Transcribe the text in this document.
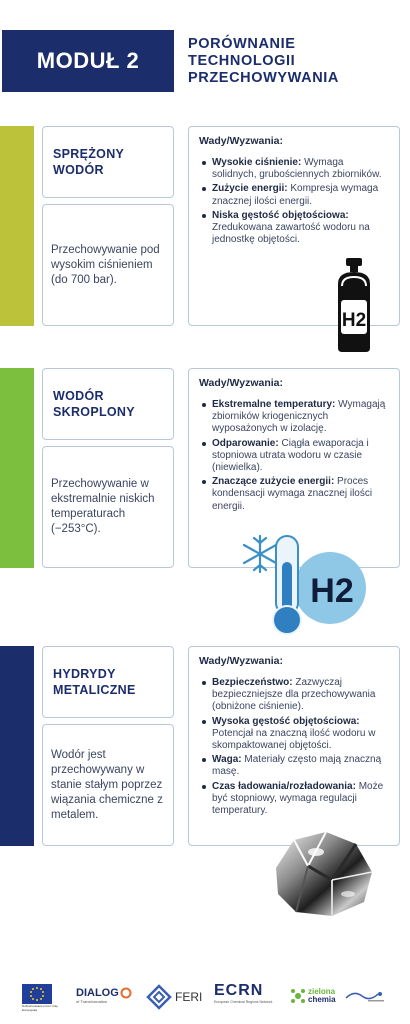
MODUŁ 2
PORÓWNANIE
TECHNOLOGII
PRZECHOWYWANIA
SPRĘŻONY
WODÓR
Przechowywanie pod wysokim ciśnieniem (do 700 bar).
Wady/Wyzwania:
Wysokie ciśnienie: Wymaga solidnych, grubościennych zbiorników.
Zużycie energii: Kompresja wymaga znacznej ilości energii.
Niska gęstość objętościowa: Zredukowana zawartość wodoru na jednostkę objętości.
H2
WODÓR
SKROPLONY
Przechowywanie w ekstremalnie niskich temperaturach (−253°C).
Wady/Wyzwania:
Ekstremalne temperatury: Wymagają zbiorników kriogenicznych wyposażonych w izolację.
Odparowanie: Ciągła ewaporacja i stopniowa utrata wodoru w czasie (niewielka).
Znaczące zużycie energii: Proces kondensacji wymaga znacznej ilości energii.
H2
HYDRYDY
METALICZNE
Wodór jest przechowywany w stanie stałym poprzez wiązania chemiczne z metalem.
Wady/Wyzwania:
Bezpieczeństwo: Zazwyczaj bezpieczniejsze dla przechowywania (obniżone ciśnienie).
Wysoka gęstość objętościowa: Potencjał na znaczną ilość wodoru w skompaktowanej objętości.
Waga: Materiały często mają znaczną masę.
Czas ładowania/rozładowania: Może być stopniowy, wymaga regulacji temperatury.
Dofinansowane przez Unię Europejską
DIALOG
of Transformation	FERI ECRN
European Chemical Regions Network
zielona
chemia
